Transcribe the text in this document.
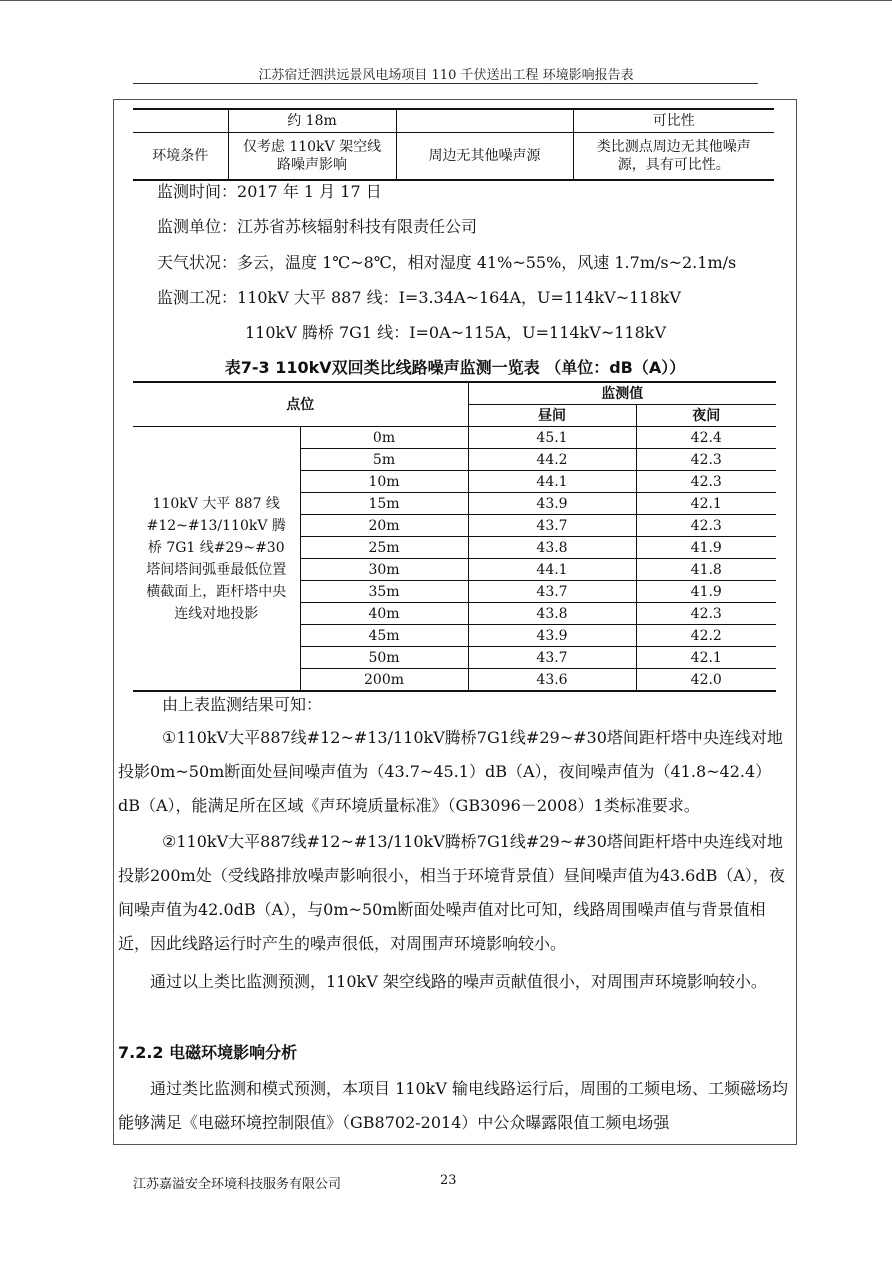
江苏宿迁泗洪远景风电场项目 110 千伏送出工程 环境影响报告表
	约 18m		可比性
环境条件	仅考虑 110kV 架空线路噪声影响	周边无其他噪声源	类比测点周边无其他噪声源，具有可比性。
监测时间：2017 年 1 月 17 日
监测单位：江苏省苏核辐射科技有限责任公司
天气状况：多云，温度 1℃~8℃，相对湿度 41%~55%，风速 1.7m/s~2.1m/s
监测工况：110kV 大平 887 线：I=3.34A~164A，U=114kV~118kV
110kV 腾桥 7G1 线：I=0A~115A，U=114kV~118kV
表7-3 110kV双回类比线路噪声监测一览表 （单位：dB（A））
点位		监测值	
		昼间	夜间
110kV 大平 887 线 #12~#13/110kV 腾桥 7G1 线#29~#30 塔间塔间弧垂最低位置横截面上，距杆塔中央连线对地投影	0m	45.1	42.4
	5m	44.2	42.3
	10m	44.1	42.3
	15m	43.9	42.1
	20m	43.7	42.3
	25m	43.8	41.9
	30m	44.1	41.8
	35m	43.7	41.9
	40m	43.8	42.3
	45m	43.9	42.2
	50m	43.7	42.1
	200m	43.6	42.0
由上表监测结果可知：
①110kV大平887线#12~#13/110kV腾桥7G1线#29~#30塔间距杆塔中央连线对地投影0m~50m断面处昼间噪声值为（43.7~45.1）dB（A），夜间噪声值为（41.8~42.4）dB（A），能满足所在区域《声环境质量标准》（GB3096－2008）1类标准要求。
②110kV大平887线#12~#13/110kV腾桥7G1线#29~#30塔间距杆塔中央连线对地投影200m处（受线路排放噪声影响很小，相当于环境背景值）昼间噪声值为43.6dB（A），夜间噪声值为42.0dB（A），与0m~50m断面处噪声值对比可知，线路周围噪声值与背景值相近，因此线路运行时产生的噪声很低，对周围声环境影响较小。
通过以上类比监测预测，110kV 架空线路的噪声贡献值很小，对周围声环境影响较小。
7.2.2 电磁环境影响分析
通过类比监测和模式预测，本项目 110kV 输电线路运行后，周围的工频电场、工频磁场均能够满足《电磁环境控制限值》（GB8702-2014）中公众曝露限值工频电场强
江苏嘉溢安全环境科技服务有限公司	23
